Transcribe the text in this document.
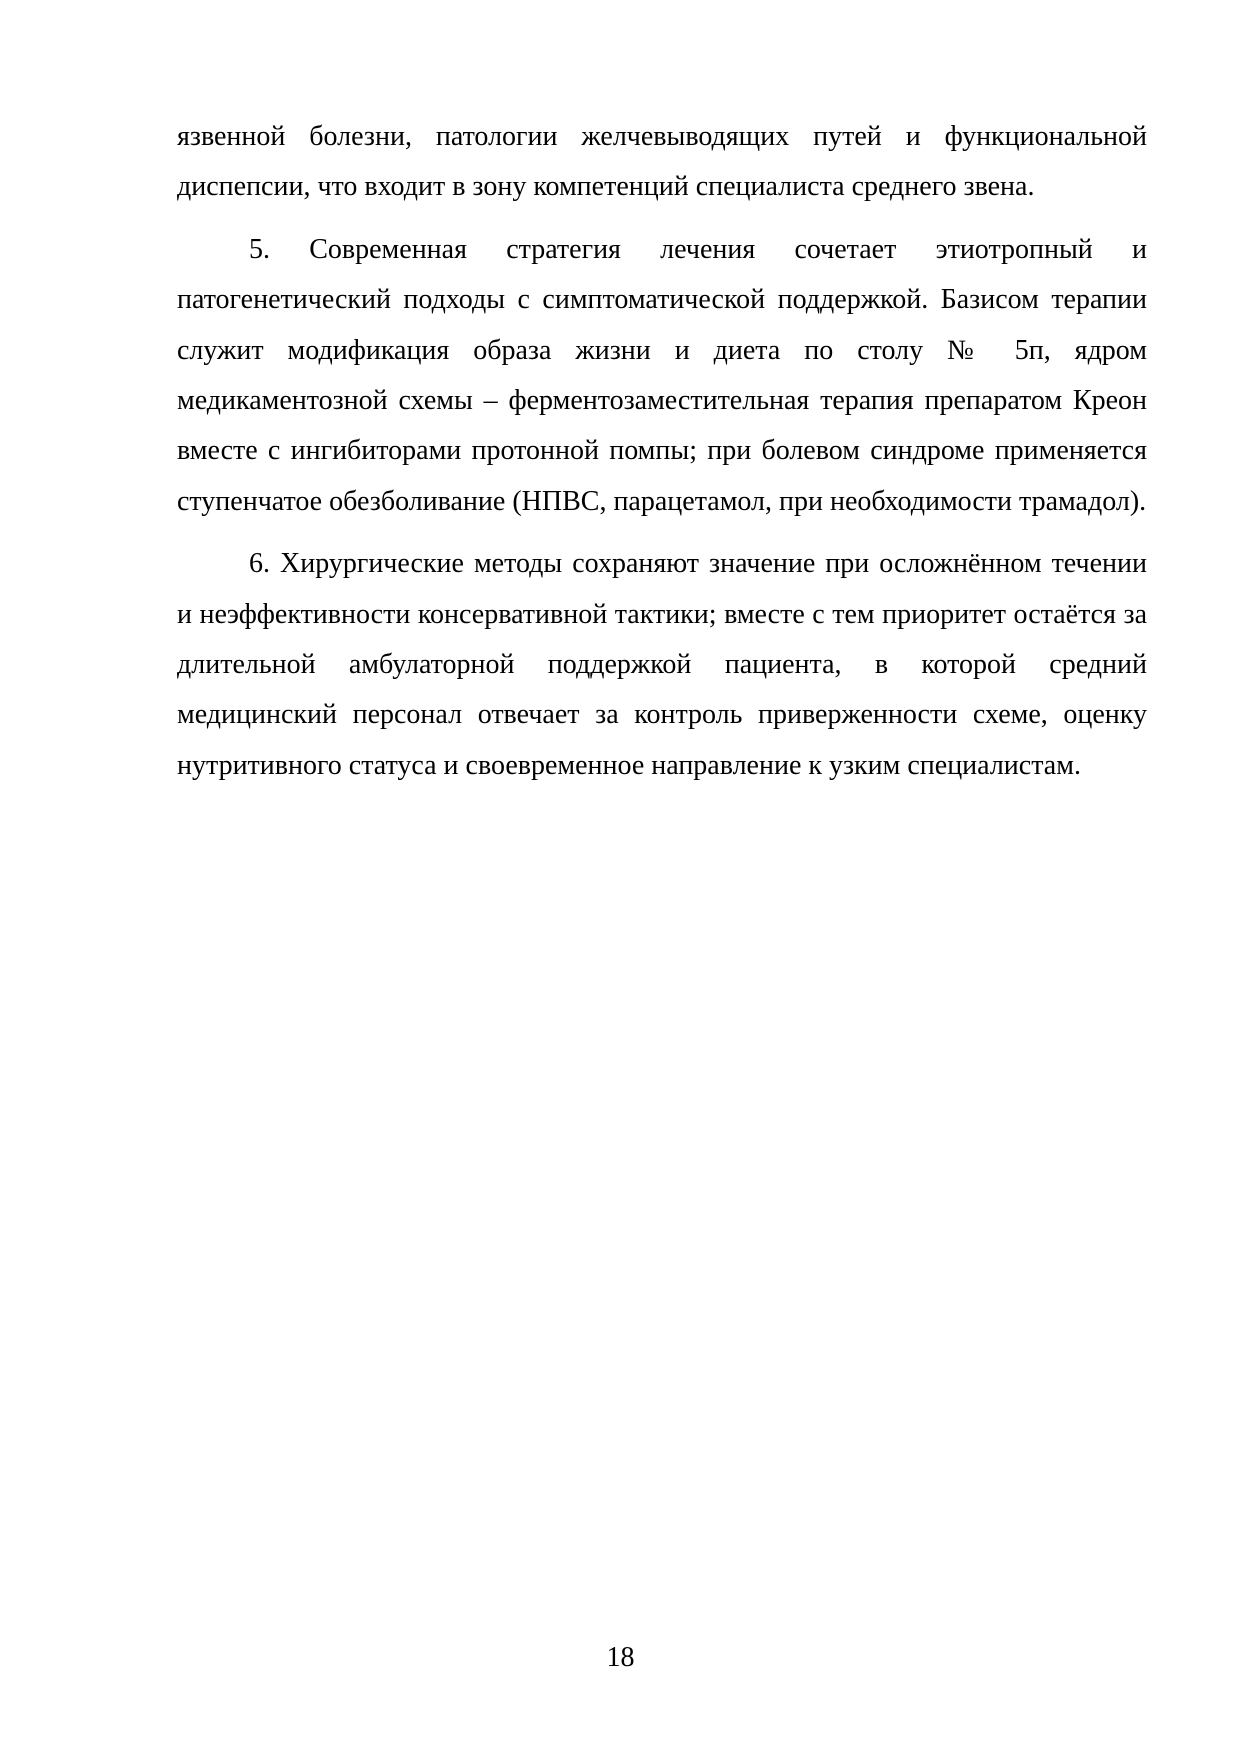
язвенной болезни, патологии желчевыводящих путей и функциональной диспепсии, что входит в зону компетенций специалиста среднего звена.

5. Современная стратегия лечения сочетает этиотропный и патогенетический подходы с симптоматической поддержкой. Базисом терапии служит модификация образа жизни и диета по столу № 5п, ядром медикаментозной схемы – ферментозаместительная терапия препаратом Креон вместе с ингибиторами протонной помпы; при болевом синдроме применяется ступенчатое обезболивание (НПВС, парацетамол, при необходимости трамадол).

6. Хирургические методы сохраняют значение при осложнённом течении и неэффективности консервативной тактики; вместе с тем приоритет остаётся за длительной амбулаторной поддержкой пациента, в которой средний медицинский персонал отвечает за контроль приверженности схеме, оценку нутритивного статуса и своевременное направление к узким специалистам.

18
